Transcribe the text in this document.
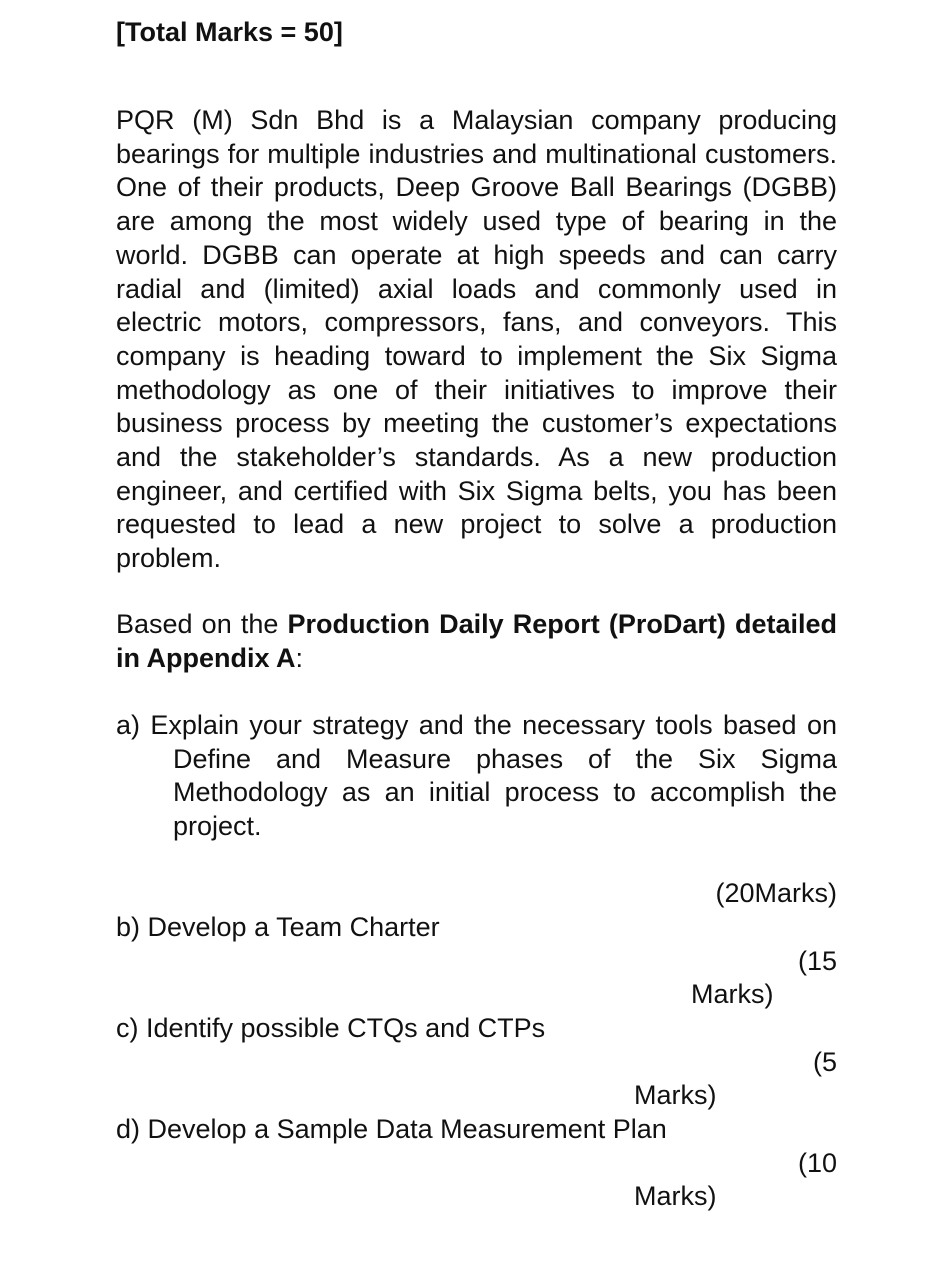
[Total Marks = 50]

PQR (M) Sdn Bhd is a Malaysian company producing bearings for multiple industries and multinational customers. One of their products, Deep Groove Ball Bearings (DGBB) are among the most widely used type of bearing in the world. DGBB can operate at high speeds and can carry radial and (limited) axial loads and commonly used in electric motors, compressors, fans, and conveyors. This company is heading toward to implement the Six Sigma methodology as one of their initiatives to improve their business process by meeting the customer’s expectations and the stakeholder’s standards. As a new production engineer, and certified with Six Sigma belts, you has been requested to lead a new project to solve a production problem.

Based on the Production Daily Report (ProDart) detailed in Appendix A:

a) Explain your strategy and the necessary tools based on Define and Measure phases of the Six Sigma Methodology as an initial process to accomplish the project.

(20Marks)
b) Develop a Team Charter
(15
Marks)
c) Identify possible CTQs and CTPs
(5
Marks)
d) Develop a Sample Data Measurement Plan
(10
Marks)
